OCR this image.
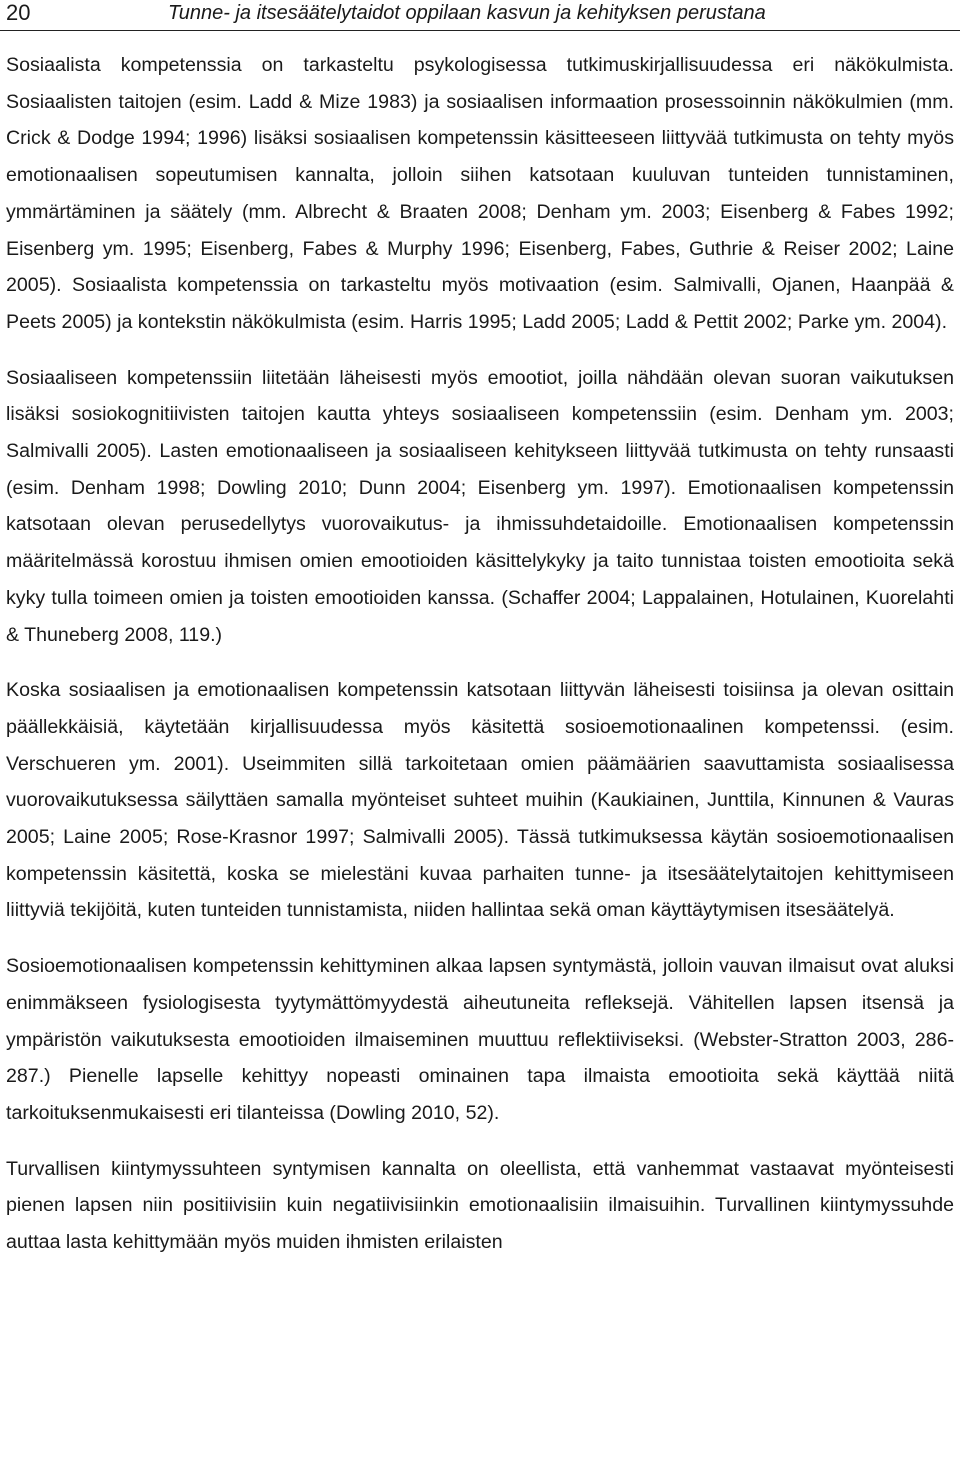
20	Tunne- ja itsesäätelytaidot oppilaan kasvun ja kehityksen perustana

Sosiaalista kompetenssia on tarkasteltu psykologisessa tutkimuskirjallisuudessa eri näkökulmista. Sosiaalisten taitojen (esim. Ladd & Mize 1983) ja sosiaalisen informaation prosessoinnin näkökulmien (mm. Crick & Dodge 1994; 1996) lisäksi sosiaalisen kompetenssin käsitteeseen liittyvää tutkimusta on tehty myös emotionaalisen sopeutumisen kannalta, jolloin siihen katsotaan kuuluvan tunteiden tunnistaminen, ymmärtäminen ja säätely (mm. Albrecht & Braaten 2008; Denham ym. 2003; Eisenberg & Fabes 1992; Eisenberg ym. 1995; Eisenberg, Fabes & Murphy 1996; Eisenberg, Fabes, Guthrie & Reiser 2002; Laine 2005). Sosiaalista kompetenssia on tarkasteltu myös motivaation (esim. Salmivalli, Ojanen, Haanpää & Peets 2005) ja kontekstin näkökulmista (esim. Harris 1995; Ladd 2005; Ladd & Pettit 2002; Parke ym. 2004).

Sosiaaliseen kompetenssiin liitetään läheisesti myös emootiot, joilla nähdään olevan suoran vaikutuksen lisäksi sosiokognitiivisten taitojen kautta yhteys sosiaaliseen kompetenssiin (esim. Denham ym. 2003; Salmivalli 2005). Lasten emotionaaliseen ja sosiaaliseen kehitykseen liittyvää tutkimusta on tehty runsaasti (esim. Denham 1998; Dowling 2010; Dunn 2004; Eisenberg ym. 1997). Emotionaalisen kompetenssin katsotaan olevan perusedellytys vuorovaikutus- ja ihmissuhdetaidoille. Emotionaalisen kompetenssin määritelmässä korostuu ihmisen omien emootioiden käsittelykyky ja taito tunnistaa toisten emootioita sekä kyky tulla toimeen omien ja toisten emootioiden kanssa. (Schaffer 2004; Lappalainen, Hotulainen, Kuorelahti & Thuneberg 2008, 119.)

Koska sosiaalisen ja emotionaalisen kompetenssin katsotaan liittyvän läheisesti toisiinsa ja olevan osittain päällekkäisiä, käytetään kirjallisuudessa myös käsitettä sosioemotionaalinen kompetenssi. (esim. Verschueren ym. 2001). Useimmiten sillä tarkoitetaan omien päämäärien saavuttamista sosiaalisessa vuorovaikutuksessa säilyttäen samalla myönteiset suhteet muihin (Kaukiainen, Junttila, Kinnunen & Vauras 2005; Laine 2005; Rose-Krasnor 1997; Salmivalli 2005). Tässä tutkimuksessa käytän sosioemotionaalisen kompetenssin käsitettä, koska se mielestäni kuvaa parhaiten tunne- ja itsesäätelytaitojen kehittymiseen liittyviä tekijöitä, kuten tunteiden tunnistamista, niiden hallintaa sekä oman käyttäytymisen itsesäätelyä.

Sosioemotionaalisen kompetenssin kehittyminen alkaa lapsen syntymästä, jolloin vauvan ilmaisut ovat aluksi enimmäkseen fysiologisesta tyytymättömyydestä aiheutuneita refleksejä. Vähitellen lapsen itsensä ja ympäristön vaikutuksesta emootioiden ilmaiseminen muuttuu reflektiiviseksi. (Webster-Stratton 2003, 286-287.) Pienelle lapselle kehittyy nopeasti ominainen tapa ilmaista emootioita sekä käyttää niitä tarkoituksenmukaisesti eri tilanteissa (Dowling 2010, 52).

Turvallisen kiintymyssuhteen syntymisen kannalta on oleellista, että vanhemmat vastaavat myönteisesti pienen lapsen niin positiivisiin kuin negatiivisiinkin emotionaalisiin ilmaisuihin. Turvallinen kiintymyssuhde auttaa lasta kehittymään myös muiden ihmisten erilaisten
